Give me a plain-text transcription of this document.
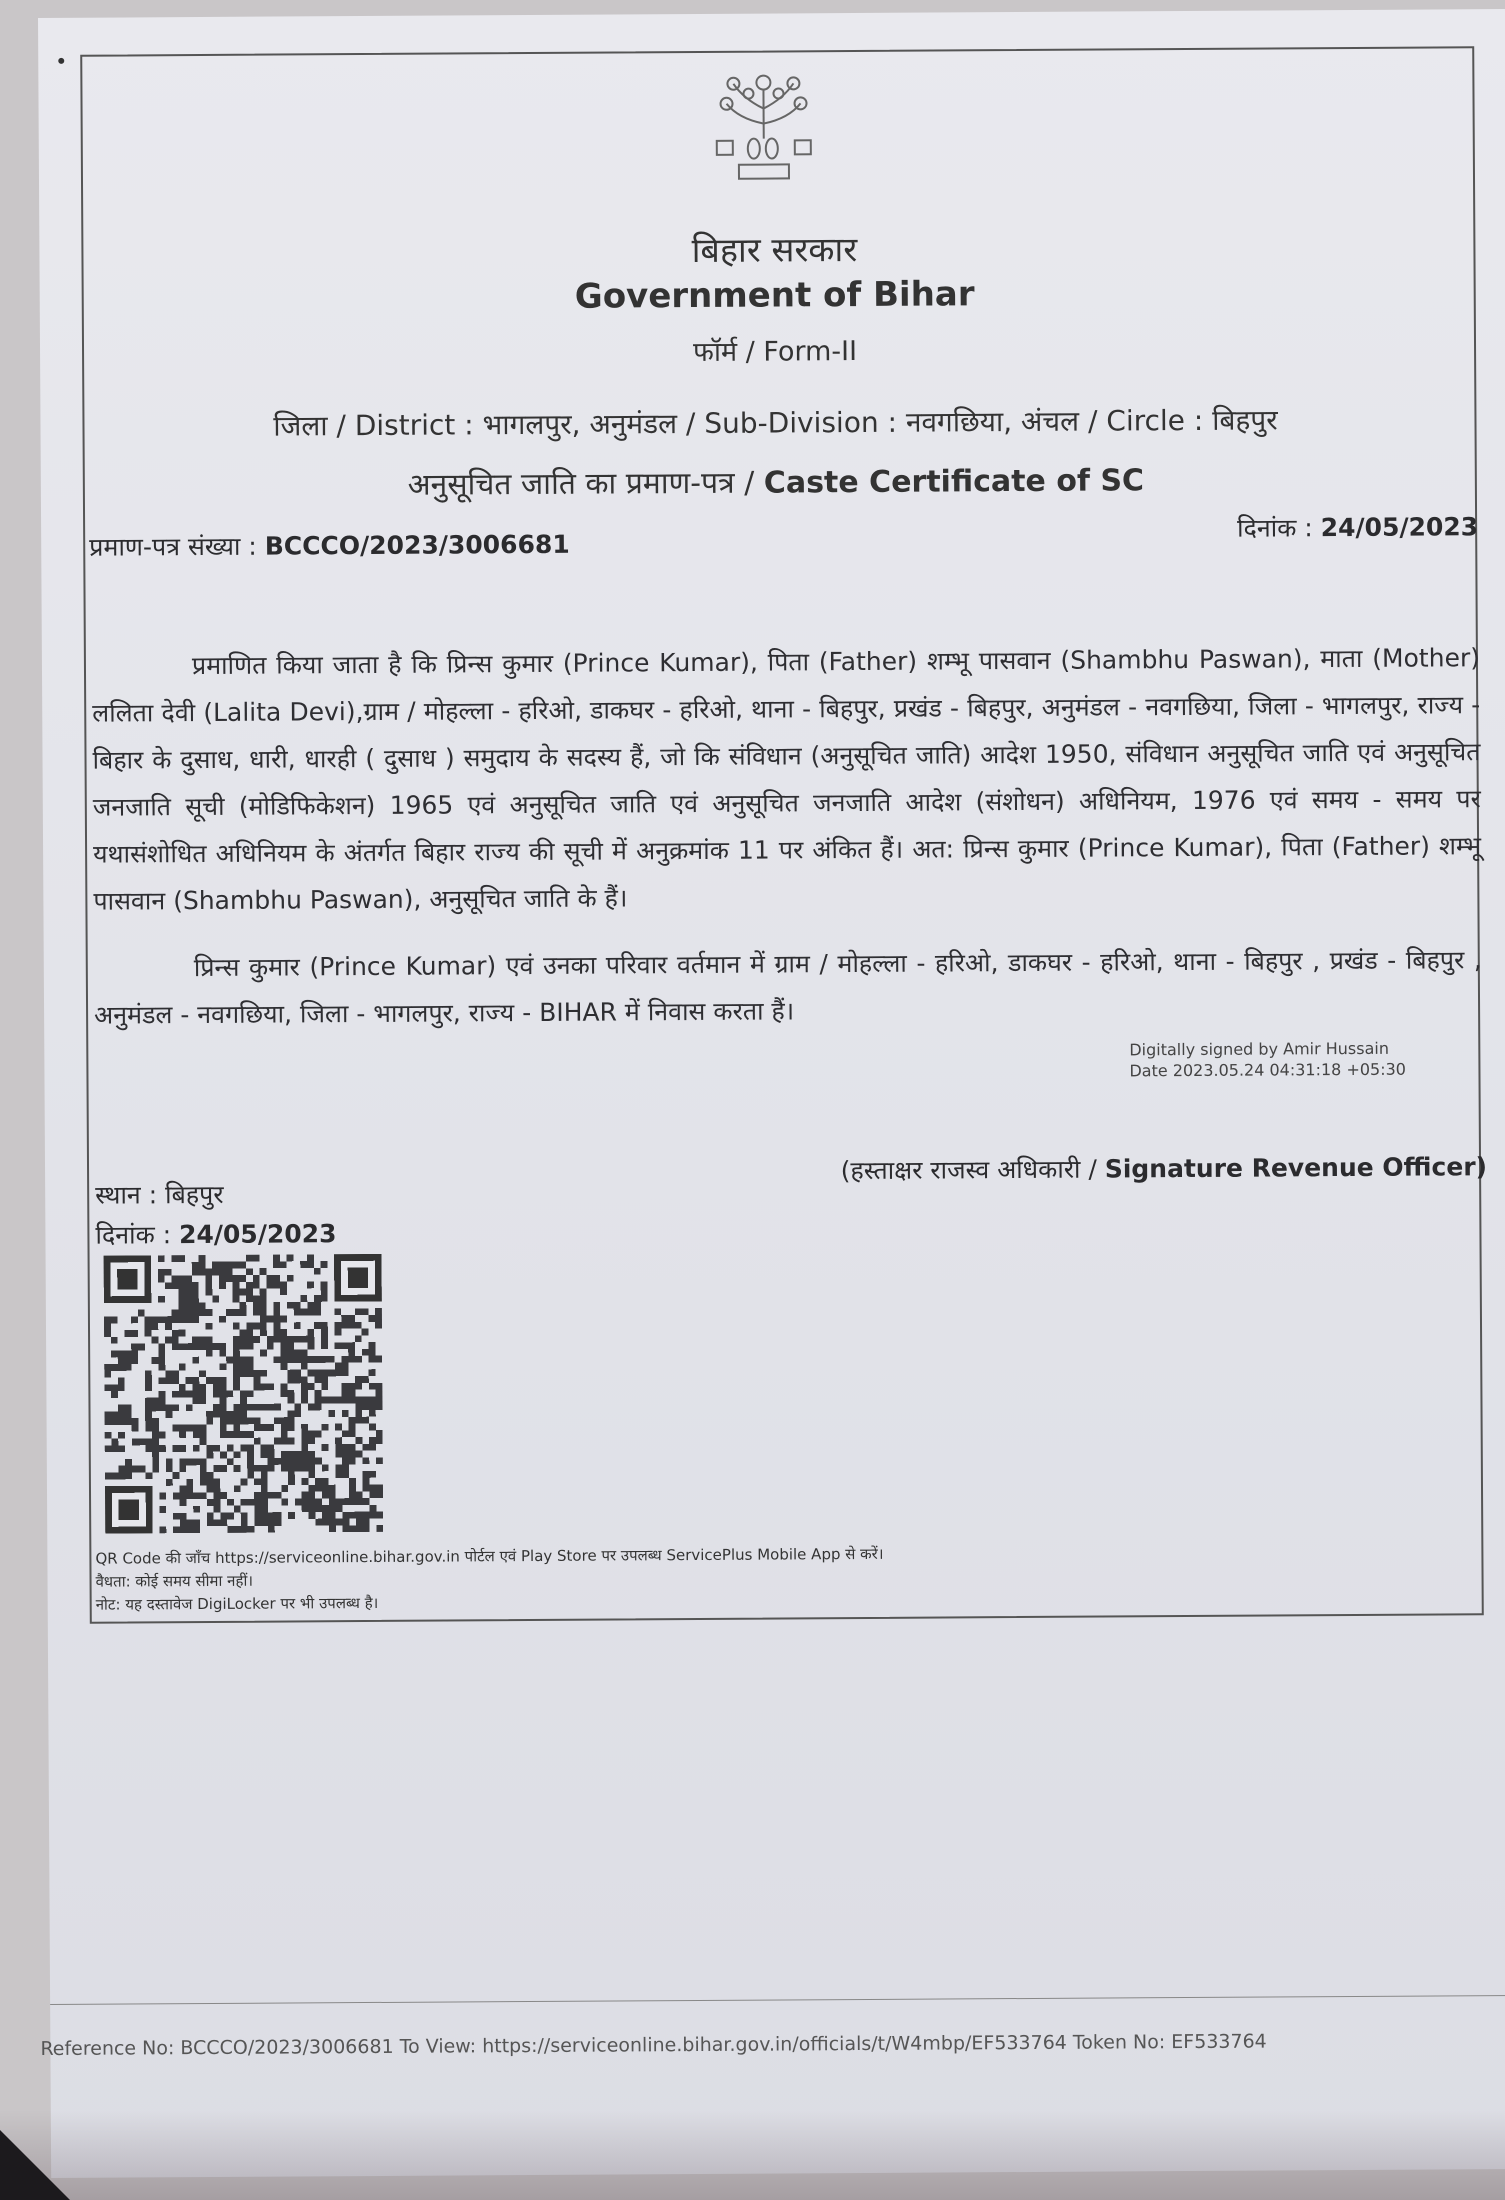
बिहार सरकार
Government of Bihar
फॉर्म / Form-II
जिला / District : भागलपुर, अनुमंडल / Sub-Division : नवगछिया, अंचल / Circle : बिहपुर
अनुसूचित जाति का प्रमाण-पत्र / Caste Certificate of SC
प्रमाण-पत्र संख्या : BCCCO/2023/3006681
दिनांक : 24/05/2023

प्रमाणित किया जाता है कि प्रिन्स कुमार (Prince Kumar), पिता (Father) शम्भू पासवान (Shambhu Paswan), माता (Mother) ललिता देवी (Lalita Devi),ग्राम / मोहल्ला - हरिओ, डाकघर - हरिओ, थाना - बिहपुर, प्रखंड - बिहपुर, अनुमंडल - नवगछिया, जिला - भागलपुर, राज्य - बिहार के दुसाध, धारी, धारही ( दुसाध ) समुदाय के सदस्य हैं, जो कि संविधान (अनुसूचित जाति) आदेश 1950, संविधान अनुसूचित जाति एवं अनुसूचित जनजाति सूची (मोडिफिकेशन) 1965 एवं अनुसूचित जाति एवं अनुसूचित जनजाति आदेश (संशोधन) अधिनियम, 1976 एवं समय - समय पर यथासंशोधित अधिनियम के अंतर्गत बिहार राज्य की सूची में अनुक्रमांक 11 पर अंकित हैं। अत: प्रिन्स कुमार (Prince Kumar), पिता (Father) शम्भू पासवान (Shambhu Paswan), अनुसूचित जाति के हैं।

प्रिन्स कुमार (Prince Kumar) एवं उनका परिवार वर्तमान में ग्राम / मोहल्ला - हरिओ, डाकघर - हरिओ, थाना - बिहपुर , प्रखंड - बिहपुर , अनुमंडल - नवगछिया, जिला - भागलपुर, राज्य - BIHAR में निवास करता हैं।

Digitally signed by Amir Hussain
Date 2023.05.24 04:31:18 +05:30
स्थान : बिहपुर
दिनांक : 24/05/2023
(हस्ताक्षर राजस्व अधिकारी / Signature Revenue Officer)
QR Code की जाँच https://serviceonline.bihar.gov.in पोर्टल एवं Play Store पर उपलब्ध ServicePlus Mobile App से करें।
वैधता: कोई समय सीमा नहीं।
नोट: यह दस्तावेज DigiLocker पर भी उपलब्ध है।
Reference No: BCCCO/2023/3006681 To View: https://serviceonline.bihar.gov.in/officials/t/W4mbp/EF533764 Token No: EF533764
